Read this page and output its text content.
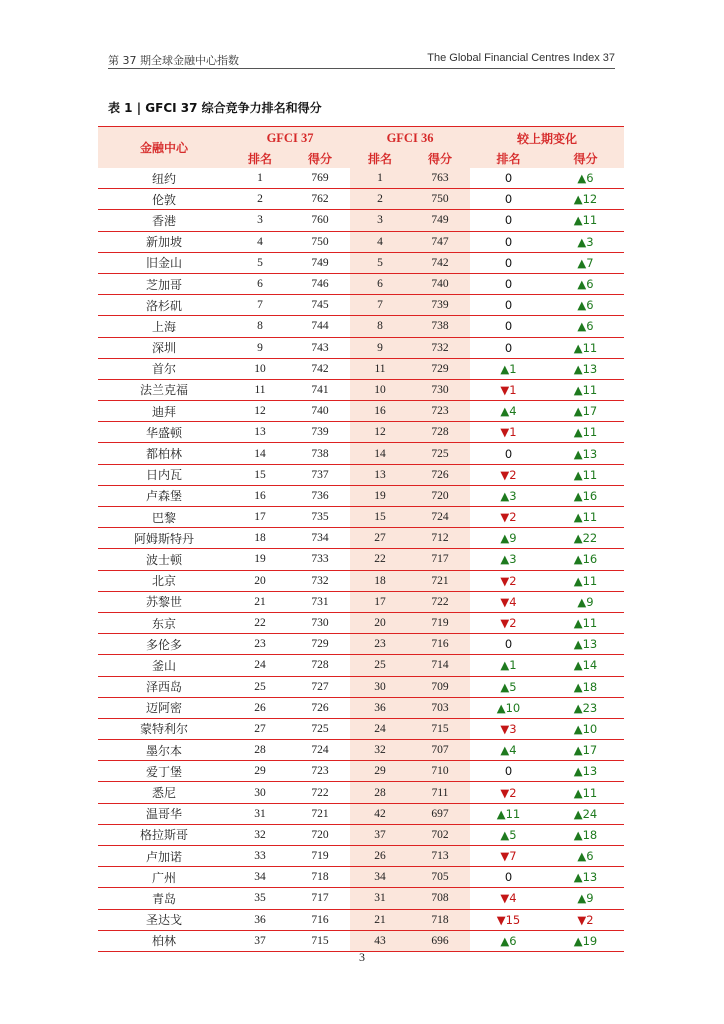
第 37 期全球金融中心指数	The Global Financial Centres Index 37
表 1 | GFCI 37 综合竞争力排名和得分
金融中心	GFCI 37		GFCI 36		较上期变化	
	排名	得分	排名	得分	排名	得分
纽约	1	769	1	763	0	▲6
伦敦	2	762	2	750	0	▲12
香港	3	760	3	749	0	▲11
新加坡	4	750	4	747	0	▲3
旧金山	5	749	5	742	0	▲7
芝加哥	6	746	6	740	0	▲6
洛杉矶	7	745	7	739	0	▲6
上海	8	744	8	738	0	▲6
深圳	9	743	9	732	0	▲11
首尔	10	742	11	729	▲1	▲13
法兰克福	11	741	10	730	▼1	▲11
迪拜	12	740	16	723	▲4	▲17
华盛顿	13	739	12	728	▼1	▲11
都柏林	14	738	14	725	0	▲13
日内瓦	15	737	13	726	▼2	▲11
卢森堡	16	736	19	720	▲3	▲16
巴黎	17	735	15	724	▼2	▲11
阿姆斯特丹	18	734	27	712	▲9	▲22
波士顿	19	733	22	717	▲3	▲16
北京	20	732	18	721	▼2	▲11
苏黎世	21	731	17	722	▼4	▲9
东京	22	730	20	719	▼2	▲11
多伦多	23	729	23	716	0	▲13
釜山	24	728	25	714	▲1	▲14
泽西岛	25	727	30	709	▲5	▲18
迈阿密	26	726	36	703	▲10	▲23
蒙特利尔	27	725	24	715	▼3	▲10
墨尔本	28	724	32	707	▲4	▲17
爱丁堡	29	723	29	710	0	▲13
悉尼	30	722	28	711	▼2	▲11
温哥华	31	721	42	697	▲11	▲24
格拉斯哥	32	720	37	702	▲5	▲18
卢加诺	33	719	26	713	▼7	▲6
广州	34	718	34	705	0	▲13
青岛	35	717	31	708	▼4	▲9
圣达戈	36	716	21	718	▼15	▼2
柏林	37	715	43	696	▲6	▲19
3
